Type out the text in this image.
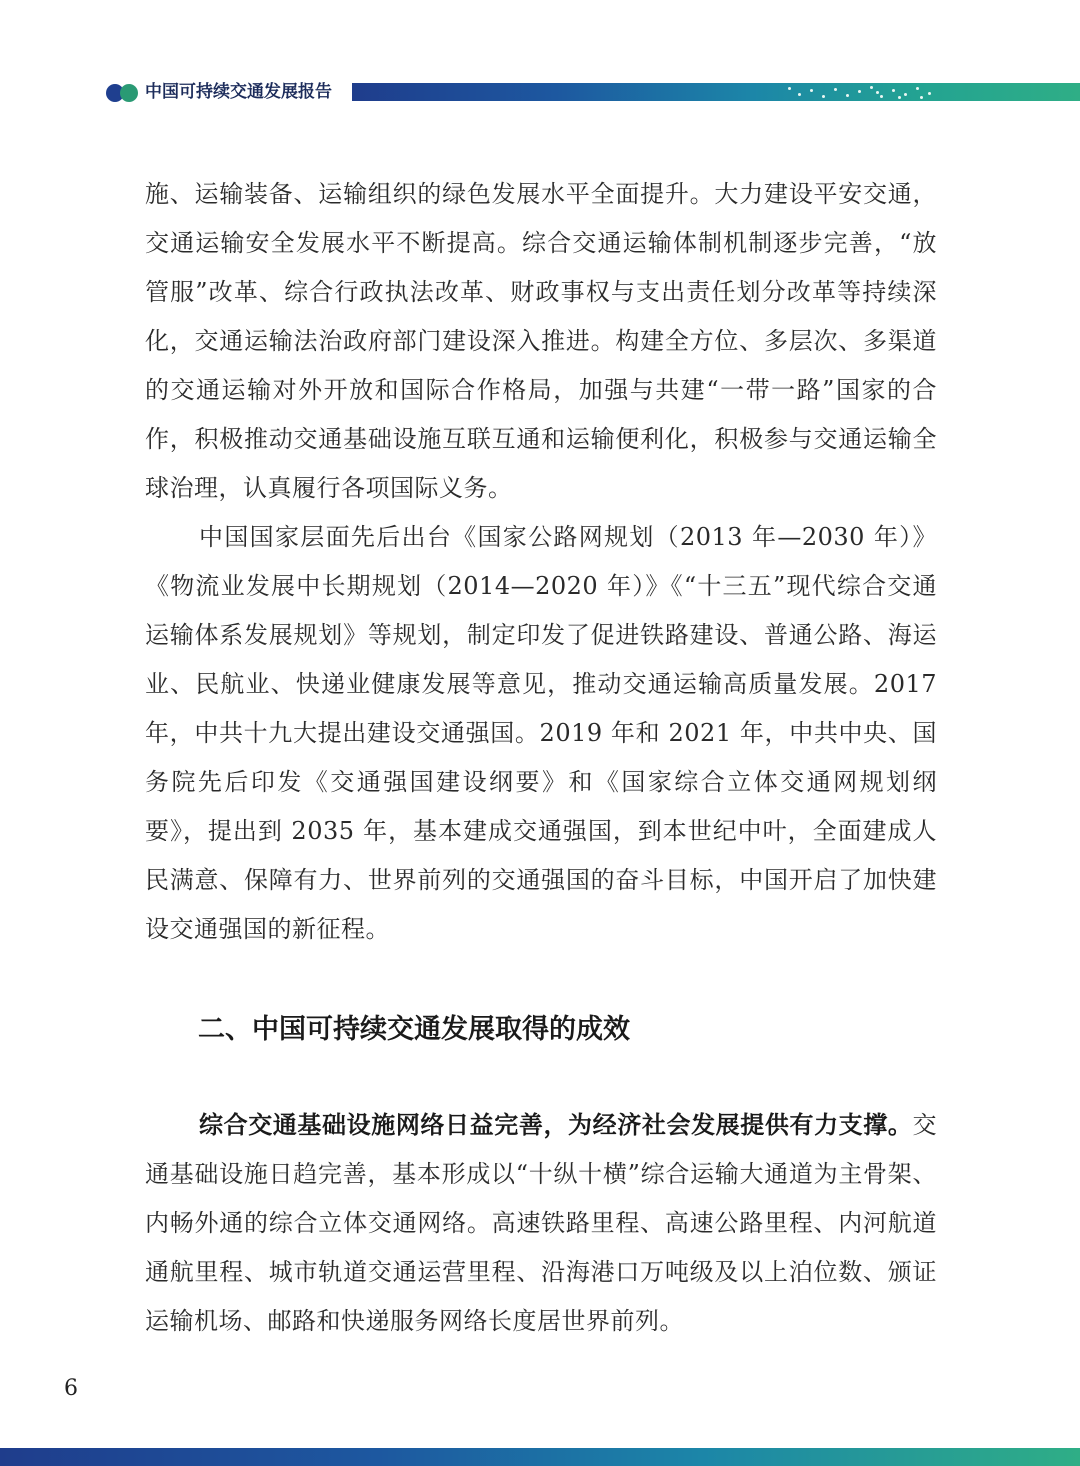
中国可持续交通发展报告

施、运输装备、运输组织的绿色发展水平全面提升。大力建设平安交通，交通运输安全发展水平不断提高。综合交通运输体制机制逐步完善，“放管服”改革、综合行政执法改革、财政事权与支出责任划分改革等持续深化，交通运输法治政府部门建设深入推进。构建全方位、多层次、多渠道的交通运输对外开放和国际合作格局，加强与共建“一带一路”国家的合作，积极推动交通基础设施互联互通和运输便利化，积极参与交通运输全球治理，认真履行各项国际义务。

中国国家层面先后出台《国家公路网规划（2013 年—2030 年）》《物流业发展中长期规划（2014—2020 年）》《“十三五”现代综合交通运输体系发展规划》等规划，制定印发了促进铁路建设、普通公路、海运业、民航业、快递业健康发展等意见，推动交通运输高质量发展。2017 年，中共十九大提出建设交通强国。2019 年和 2021 年，中共中央、国务院先后印发《交通强国建设纲要》和《国家综合立体交通网规划纲要》，提出到 2035 年，基本建成交通强国，到本世纪中叶，全面建成人民满意、保障有力、世界前列的交通强国的奋斗目标，中国开启了加快建设交通强国的新征程。

二、中国可持续交通发展取得的成效

综合交通基础设施网络日益完善，为经济社会发展提供有力支撑。交通基础设施日趋完善，基本形成以“十纵十横”综合运输大通道为主骨架、内畅外通的综合立体交通网络。高速铁路里程、高速公路里程、内河航道通航里程、城市轨道交通运营里程、沿海港口万吨级及以上泊位数、颁证运输机场、邮路和快递服务网络长度居世界前列。

6
